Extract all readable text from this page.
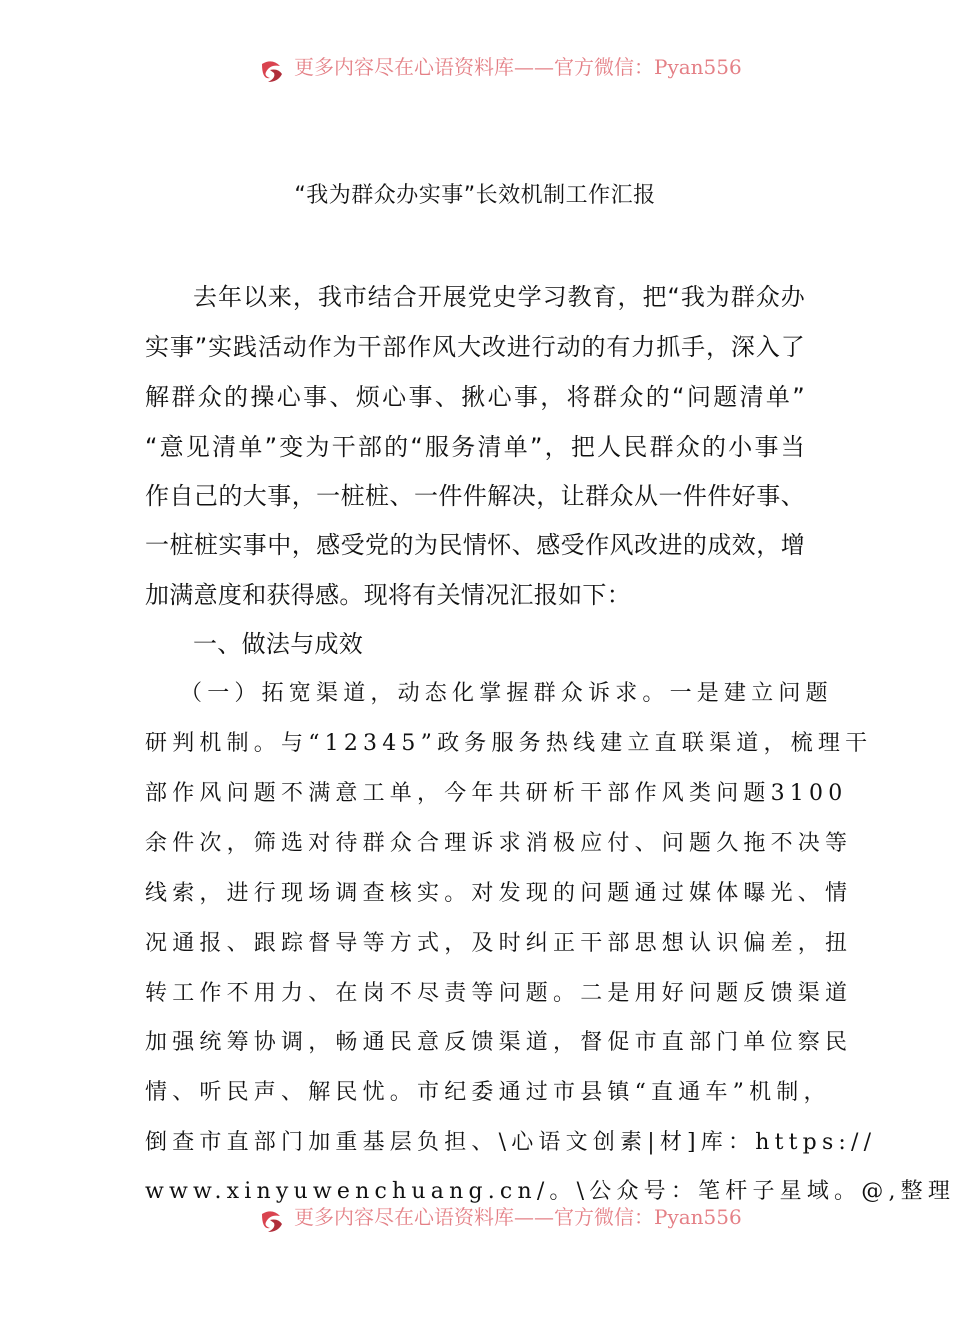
更多内容尽在心语资料库——官方微信：Pyan556
“我为群众办实事”长效机制工作汇报
去年以来，我市结合开展党史学习教育，把“我为群众办
实事”实践活动作为干部作风大改进行动的有力抓手，深入了
解群众的操心事、烦心事、揪心事，将群众的“问题清单”
“意见清单”变为干部的“服务清单”，把人民群众的小事当
作自己的大事，一桩桩、一件件解决，让群众从一件件好事、
一桩桩实事中，感受党的为民情怀、感受作风改进的成效，增
加满意度和获得感。现将有关情况汇报如下：
一、做法与成效
（一）拓宽渠道，动态化掌握群众诉求。一是建立问题
研判机制。与“12345”政务服务热线建立直联渠道，梳理干
部作风问题不满意工单，今年共研析干部作风类问题3100
余件次，筛选对待群众合理诉求消极应付、问题久拖不决等
线索，进行现场调查核实。对发现的问题通过媒体曝光、情
况通报、跟踪督导等方式，及时纠正干部思想认识偏差，扭
转工作不用力、在岗不尽责等问题。二是用好问题反馈渠道
加强统筹协调，畅通民意反馈渠道，督促市直部门单位察民
情、听民声、解民忧。市纪委通过市县镇“直通车”机制，
倒查市直部门加重基层负担、\心语文创素|材]库：https://
www.xinyuwenchuang.cn/。\公众号：笔杆子星域。@,整理
更多内容尽在心语资料库——官方微信：Pyan556
